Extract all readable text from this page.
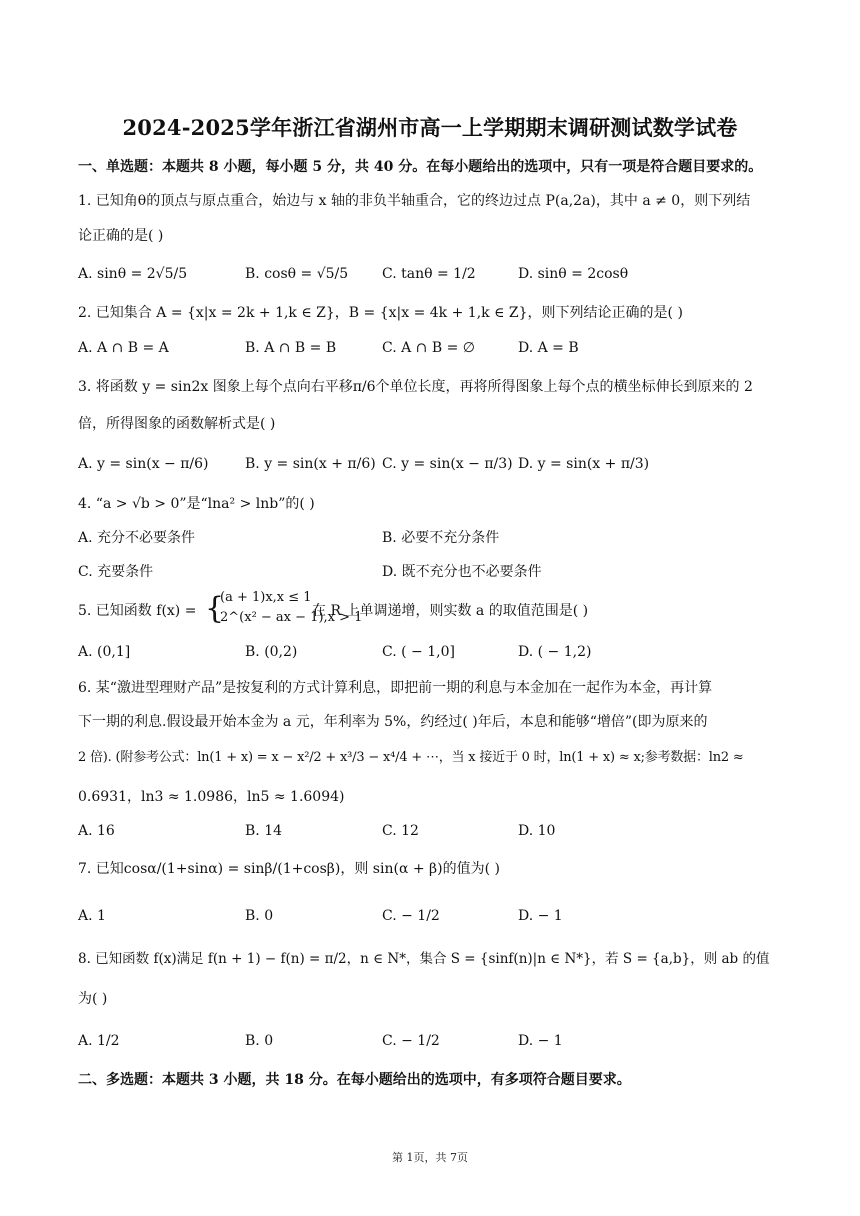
2024-2025学年浙江省湖州市高一上学期期末调研测试数学试卷
一、单选题：本题共 8 小题，每小题 5 分，共 40 分。在每小题给出的选项中，只有一项是符合题目要求的。
1. 已知角θ的顶点与原点重合，始边与 x 轴的非负半轴重合，它的终边过点 P(a,2a)，其中 a ≠ 0，则下列结
论正确的是( )
A. sinθ = 2√5/5	B. cosθ = √5/5 C. tanθ = 1/2	D. sinθ = 2cosθ
2. 已知集合 A = {x|x = 2k + 1,k ∈ Z}，B = {x|x = 4k + 1,k ∈ Z}，则下列结论正确的是( )
A. A ∩ B = A	B. A ∩ B = B	C. A ∩ B = ∅	D. A = B
3. 将函数 y = sin2x 图象上每个点向右平移π/6个单位长度，再将所得图象上每个点的横坐标伸长到原来的 2
倍，所得图象的函数解析式是( )
A. y = sin(x − π/6)	B. y = sin(x + π/6) C. y = sin(x − π/3) D. y = sin(x + π/3)
4. “a > √b > 0”是“lna² > lnb”的( )
A. 充分不必要条件	B. 必要不充分条件
C. 充要条件	D. 既不充分也不必要条件
5. 已知函数 f(x) = {
(a + 1)x,x ≤ 1
2^(x² − ax − 1),x > 1
在 R 上单调递增，则实数 a 的取值范围是( )
A. (0,1]	B. (0,2)	C. ( − 1,0]	D. ( − 1,2)
6. 某“激进型理财产品”是按复利的方式计算利息，即把前一期的利息与本金加在一起作为本金，再计算
下一期的利息.假设最开始本金为 a 元，年利率为 5%，约经过( )年后，本息和能够“增倍”(即为原来的
2 倍). (附参考公式：ln(1 + x) = x − x²/2 + x³/3 − x⁴/4 + ⋯，当 x 接近于 0 时，ln(1 + x) ≈ x;参考数据：ln2 ≈
0.6931，ln3 ≈ 1.0986，ln5 ≈ 1.6094)
A. 16	B. 14	C. 12	D. 10
7. 已知cosα/(1+sinα) = sinβ/(1+cosβ)，则 sin(α + β)的值为( )
A. 1	B. 0	C. − 1/2	D. − 1
8. 已知函数 f(x)满足 f(n + 1) − f(n) = π/2，n ∈ N*，集合 S = {sinf(n)|n ∈ N*}，若 S = {a,b}，则 ab 的值
为( )
A. 1/2	B. 0	C. − 1/2	D. − 1
二、多选题：本题共 3 小题，共 18 分。在每小题给出的选项中，有多项符合题目要求。
第 1页，共 7页
